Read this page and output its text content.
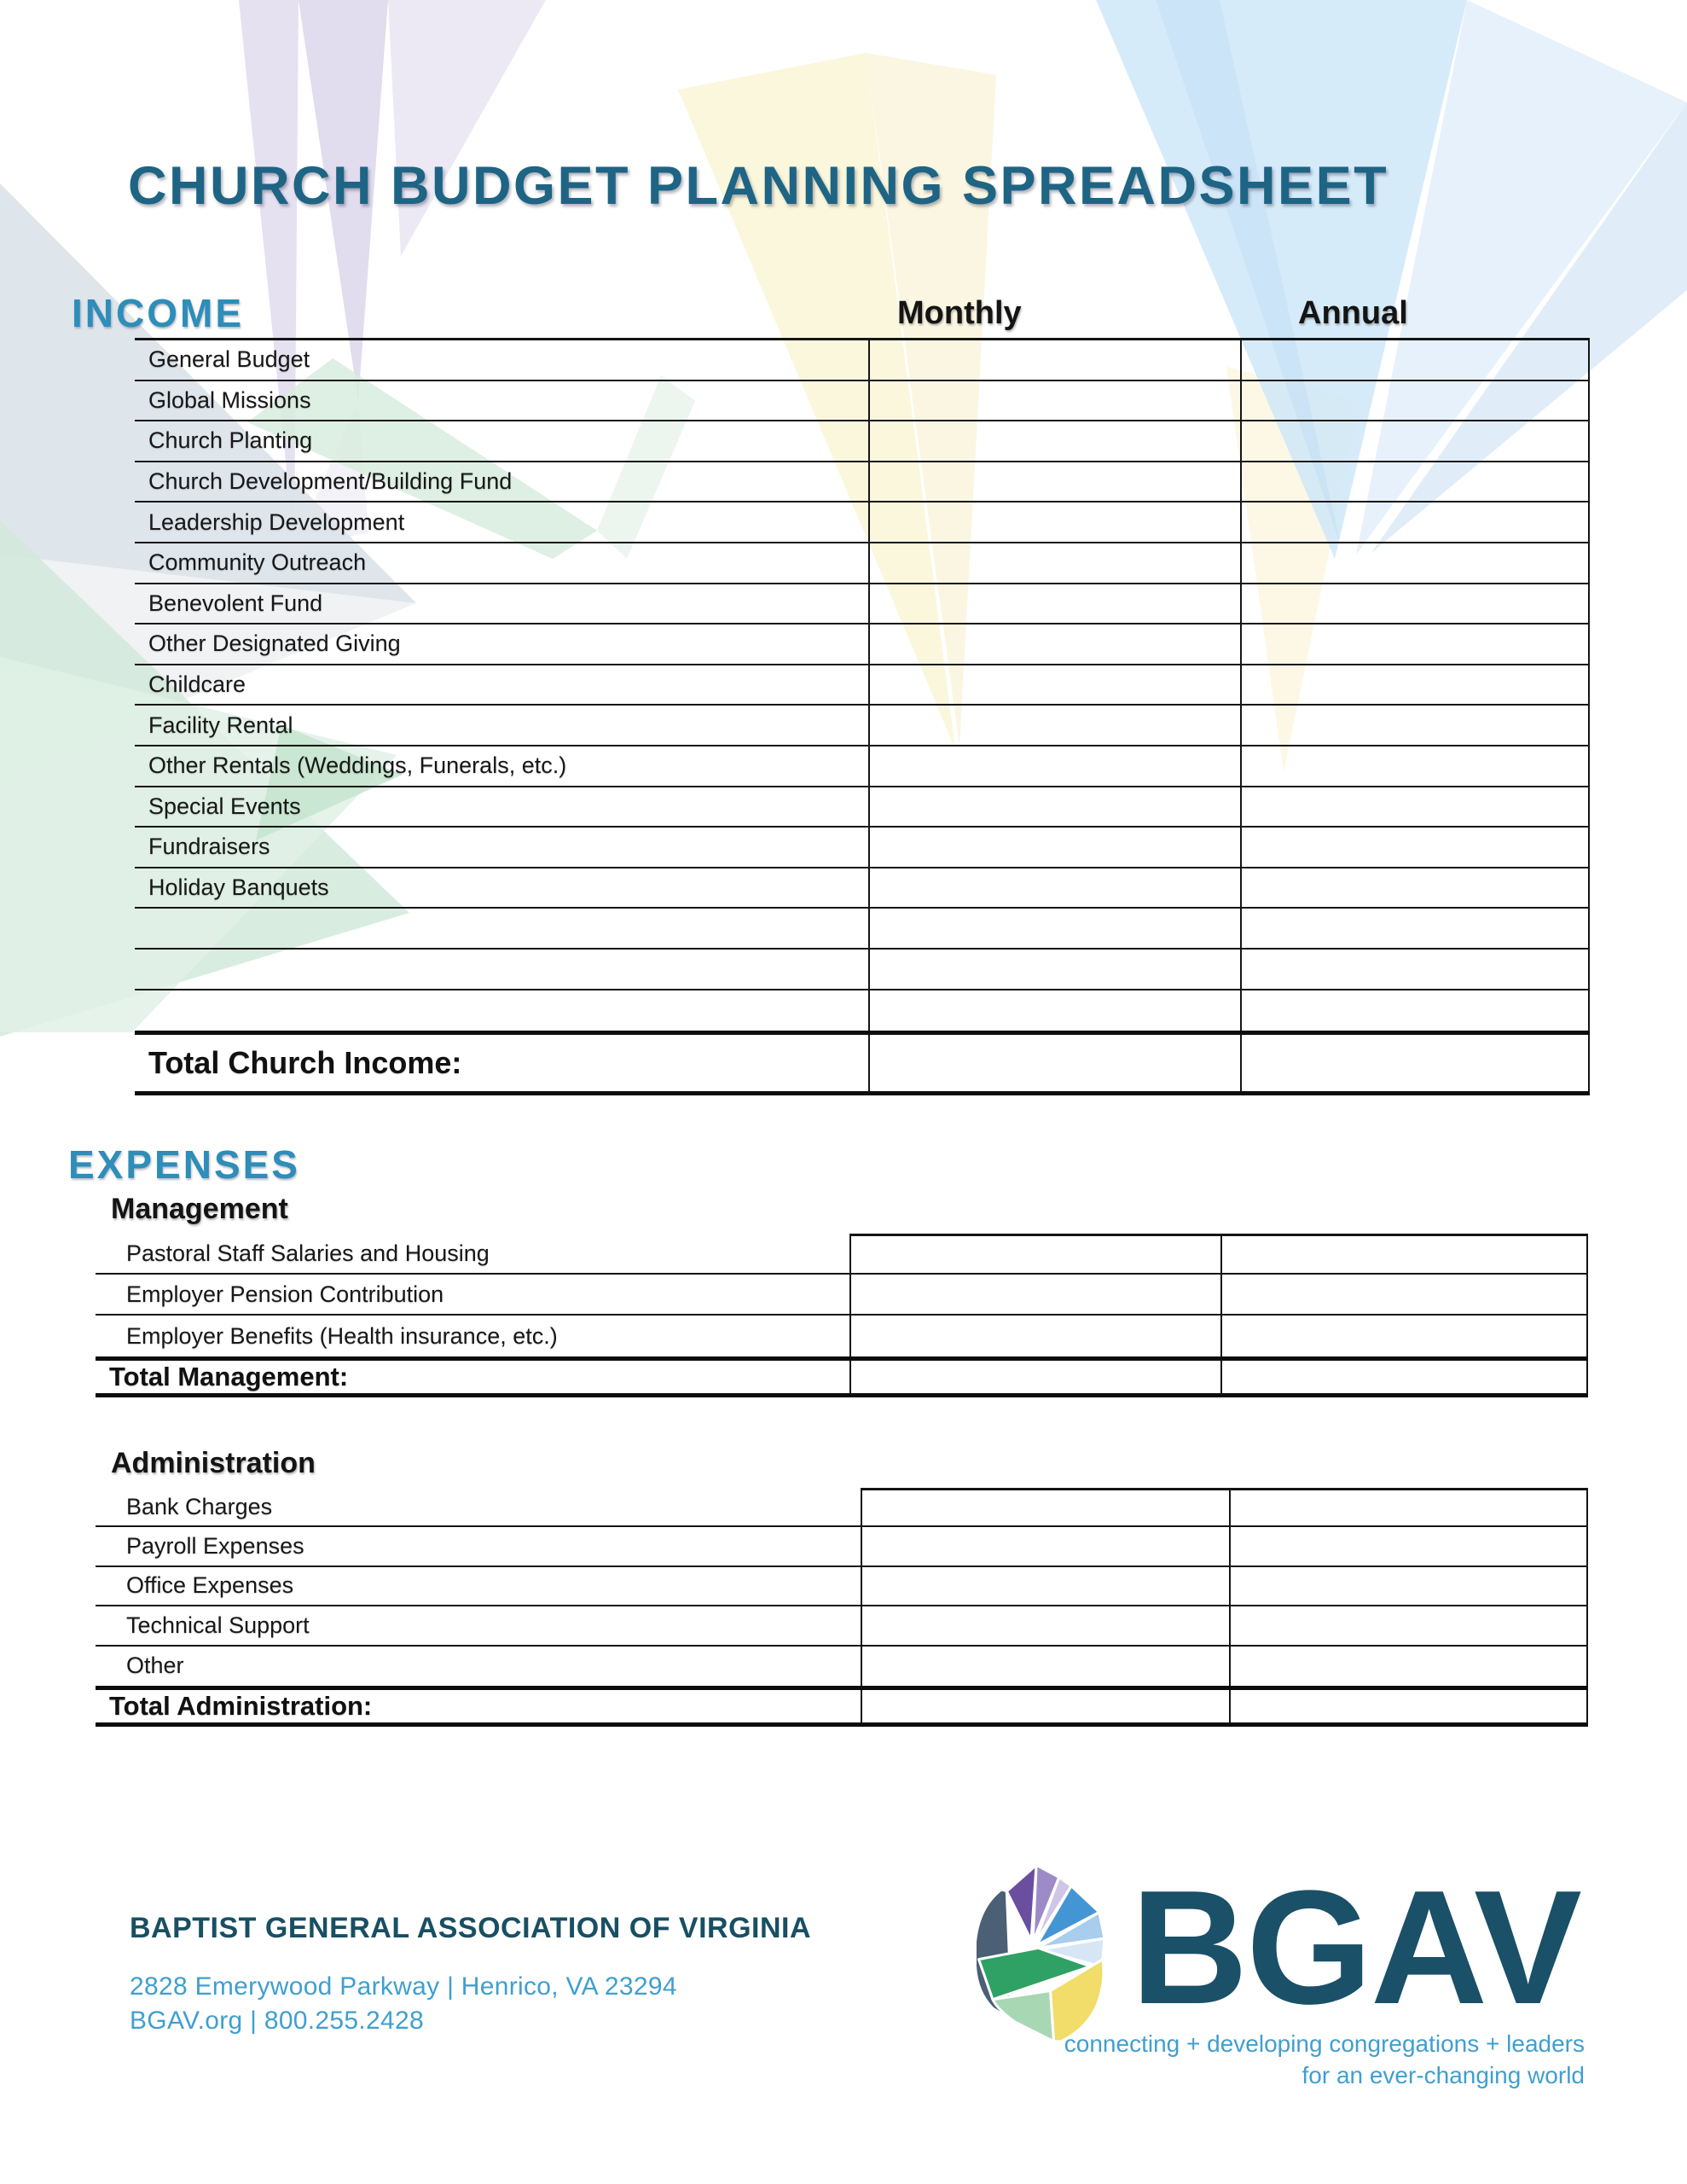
CHURCH BUDGET PLANNING SPREADSHEET
INCOME	Monthly	Annual
General Budget
Global Missions
Church Planting
Church Development/Building Fund
Leadership Development
Community Outreach
Benevolent Fund
Other Designated Giving
Childcare
Facility Rental
Other Rentals (Weddings, Funerals, etc.)
Special Events
Fundraisers
Holiday Banquets
Total Church Income:
EXPENSES
Management
Pastoral Staff Salaries and Housing
Employer Pension Contribution
Employer Benefits (Health insurance, etc.)
Total Management:
Administration
Bank Charges
Payroll Expenses
Office Expenses
Technical Support
Other
Total Administration:
BAPTIST GENERAL ASSOCIATION OF VIRGINIA
2828 Emerywood Parkway | Henrico, VA 23294
BGAV.org | 800.255.2428	BGAV
connecting + developing congregations + leaders
for an ever-changing world
